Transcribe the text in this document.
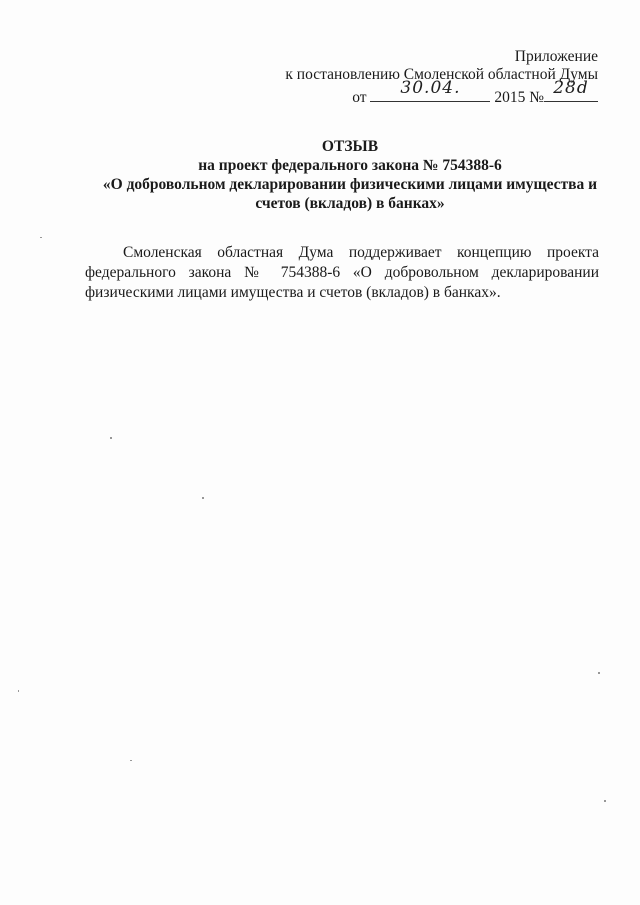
Приложение
к постановлению Смоленской областной Думы
от	30.04.	2015 № 28d
ОТЗЫВ
на проект федерального закона № 754388-6
«О добровольном декларировании физическими лицами имущества и
счетов (вкладов) в банках»
Смоленская областная Дума поддерживает концепцию проекта федерального закона № 754388-6 «О добровольном декларировании физическими лицами имущества и счетов (вкладов) в банках».
